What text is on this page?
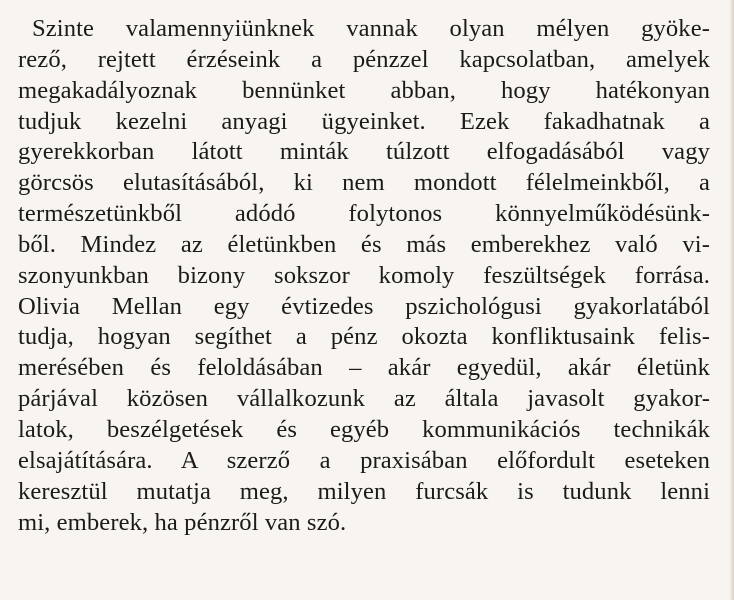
Szinte valamennyiünknek vannak olyan mélyen gyöke-
rező, rejtett érzéseink a pénzzel kapcsolatban, amelyek
megakadályoznak bennünket abban, hogy hatékonyan
tudjuk kezelni anyagi ügyeinket. Ezek fakadhatnak a
gyerekkorban látott minták túlzott elfogadásából vagy
görcsös elutasításából, ki nem mondott félelmeinkből, a
természetünkből adódó folytonos könnyelműködésünk-
ből. Mindez az életünkben és más emberekhez való vi-
szonyunkban bizony sokszor komoly feszültségek forrása.
Olivia Mellan egy évtizedes pszichológusi gyakorlatából
tudja, hogyan segíthet a pénz okozta konfliktusaink felis-
merésében és feloldásában – akár egyedül, akár életünk
párjával közösen vállalkozunk az általa javasolt gyakor-
latok, beszélgetések és egyéb kommunikációs technikák
elsajátítására. A szerző a praxisában előfordult eseteken
keresztül mutatja meg, milyen furcsák is tudunk lenni
mi, emberek, ha pénzről van szó.
